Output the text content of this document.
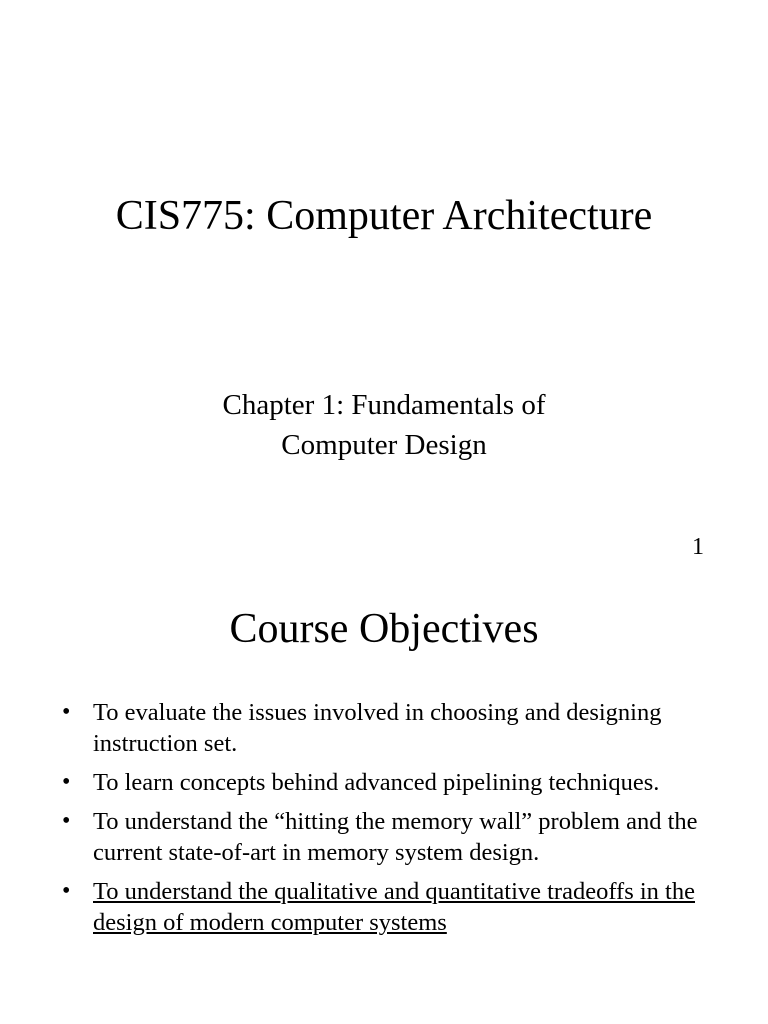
CIS775: Computer Architecture
Chapter 1: Fundamentals of
Computer Design
1
Course Objectives
• To evaluate the issues involved in choosing and designing instruction set.
• To learn concepts behind advanced pipelining techniques.
• To understand the “hitting the memory wall” problem and the current state-of-art in memory system design.
• To understand the qualitative and quantitative tradeoffs in the design of modern computer systems
